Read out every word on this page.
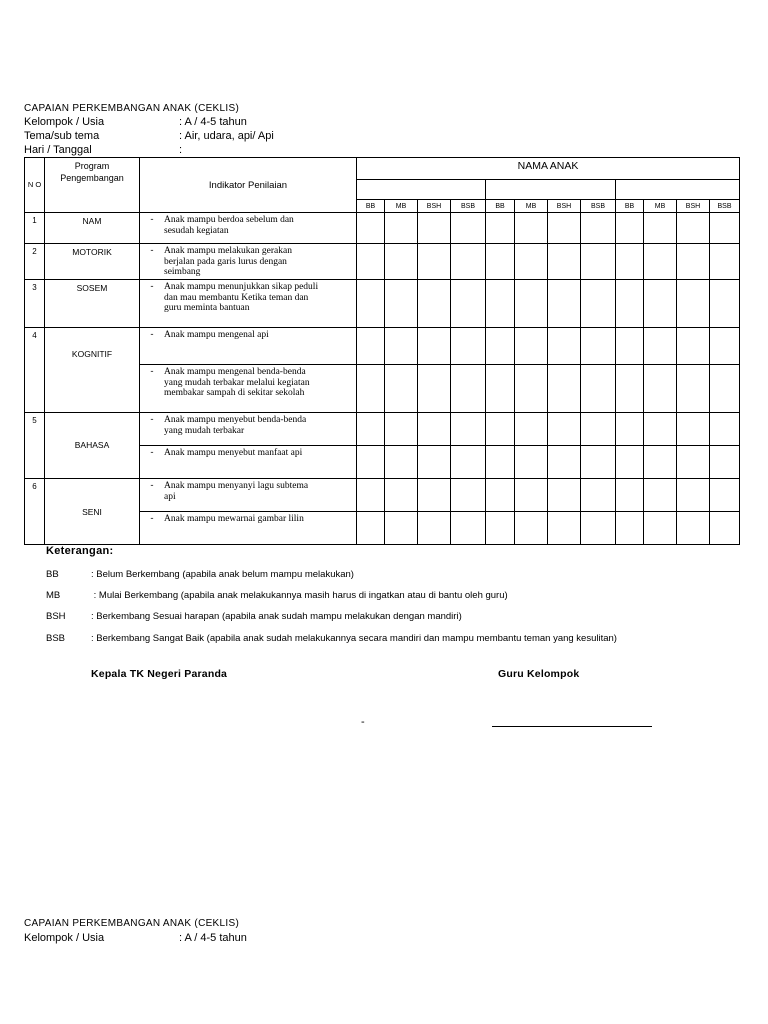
CAPAIAN PERKEMBANGAN ANAK (CEKLIS)
Kelompok / Usia	: A / 4-5 tahun
Tema/sub tema	: Air, udara, api/ Api
Hari / Tanggal	:
N O	Program Pengembangan	Indikator Penilaian	NAMA ANAK											

			BB	MB	BSH	BSB	BB	MB	BSH	BSB	BB	MB	BSH	BSB
1	NAM	- Anak mampu berdoa sebelum dan sesudah kegiatan												
2	MOTORIK	- Anak mampu melakukan gerakan berjalan pada garis lurus dengan seimbang												
3	SOSEM	- Anak mampu menunjukkan sikap peduli dan mau membantu Ketika teman dan guru meminta bantuan												
4	KOGNITIF	- Anak mampu mengenal api												
		- Anak mampu mengenal benda-benda yang mudah terbakar melalui kegiatan membakar sampah di sekitar sekolah												
5	BAHASA	- Anak mampu menyebut benda-benda yang mudah terbakar												
		- Anak mampu menyebut manfaat api												
6	SENI	- Anak mampu menyanyi lagu subtema api												
		- Anak mampu mewarnai gambar lilin												
Keterangan:
BB	: Belum Berkembang (apabila anak belum mampu melakukan)
MB	: Mulai Berkembang (apabila anak melakukannya masih harus di ingatkan atau di bantu oleh guru)
BSH	: Berkembang Sesuai harapan (apabila anak sudah mampu melakukan dengan mandiri)
BSB	: Berkembang Sangat Baik (apabila anak sudah melakukannya secara mandiri dan mampu membantu teman yang kesulitan)
Kepala TK Negeri Paranda	Guru Kelompok
-
CAPAIAN PERKEMBANGAN ANAK (CEKLIS)
Kelompok / Usia	: A / 4-5 tahun
